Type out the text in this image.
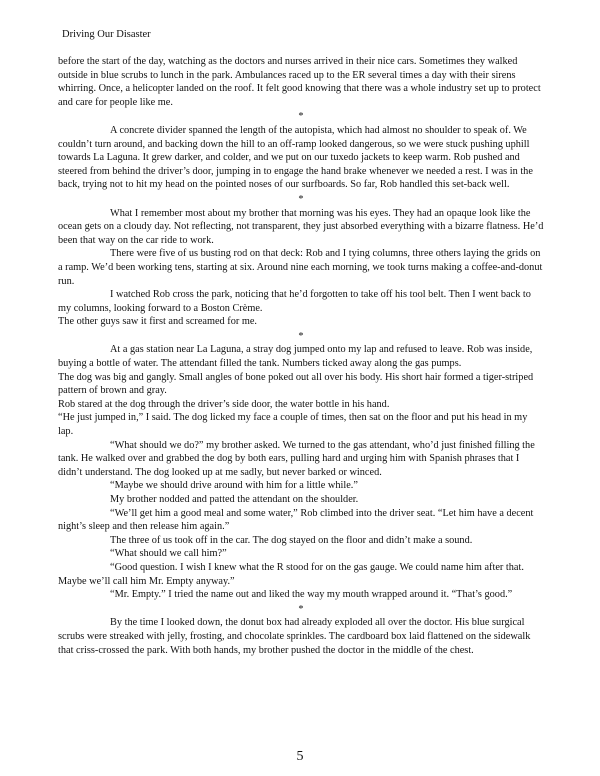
Driving Our Disaster

before the start of the day, watching as the doctors and nurses arrived in their nice cars. Sometimes they walked outside in blue scrubs to lunch in the park. Ambulances raced up to the ER several times a day with their sirens whirring. Once, a helicopter landed on the roof. It felt good knowing that there was a whole industry set up to protect and care for people like me.

*

A concrete divider spanned the length of the autopista, which had almost no shoulder to speak of. We couldn’t turn around, and backing down the hill to an off-ramp looked dangerous, so we were stuck pushing uphill towards La Laguna. It grew darker, and colder, and we put on our tuxedo jackets to keep warm. Rob pushed and steered from behind the driver’s door, jumping in to engage the hand brake whenever we needed a rest. I was in the back, trying not to hit my head on the pointed noses of our surfboards. So far, Rob handled this set-back well.

*

What I remember most about my brother that morning was his eyes. They had an opaque look like the ocean gets on a cloudy day. Not reflecting, not transparent, they just absorbed everything with a bizarre flatness. He’d been that way on the car ride to work.

There were five of us busting rod on that deck: Rob and I tying columns, three others laying the grids on a ramp. We’d been working tens, starting at six. Around nine each morning, we took turns making a coffee-and-donut run.

I watched Rob cross the park, noticing that he’d forgotten to take off his tool belt. Then I went back to my columns, looking forward to a Boston Crème.

The other guys saw it first and screamed for me.

*

At a gas station near La Laguna, a stray dog jumped onto my lap and refused to leave. Rob was inside, buying a bottle of water. The attendant filled the tank. Numbers ticked away along the gas pumps.

The dog was big and gangly. Small angles of bone poked out all over his body. His short hair formed a tiger-striped pattern of brown and gray.

Rob stared at the dog through the driver’s side door, the water bottle in his hand.

“He just jumped in,” I said. The dog licked my face a couple of times, then sat on the floor and put his head in my lap.

“What should we do?” my brother asked. We turned to the gas attendant, who’d just finished filling the tank. He walked over and grabbed the dog by both ears, pulling hard and urging him with Spanish phrases that I didn’t understand. The dog looked up at me sadly, but never barked or winced.

“Maybe we should drive around with him for a little while.”

My brother nodded and patted the attendant on the shoulder.

“We’ll get him a good meal and some water,” Rob climbed into the driver seat. “Let him have a decent night’s sleep and then release him again.”

The three of us took off in the car. The dog stayed on the floor and didn’t make a sound.

“What should we call him?”

“Good question. I wish I knew what the R stood for on the gas gauge. We could name him after that. Maybe we’ll call him Mr. Empty anyway.”

“Mr. Empty.” I tried the name out and liked the way my mouth wrapped around it. “That’s good.”

*

By the time I looked down, the donut box had already exploded all over the doctor. His blue surgical scrubs were streaked with jelly, frosting, and chocolate sprinkles. The cardboard box laid flattened on the sidewalk that criss-crossed the park. With both hands, my brother pushed the doctor in the middle of the chest.

5
